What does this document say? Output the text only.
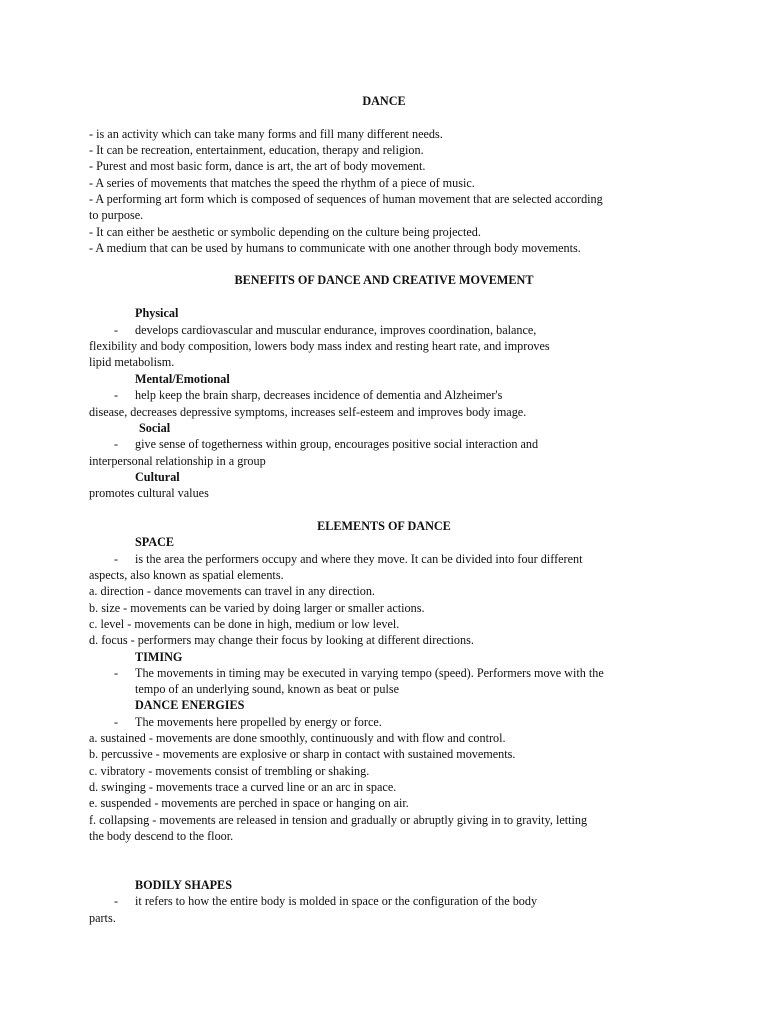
DANCE
- is an activity which can take many forms and fill many different needs.
- It can be recreation, entertainment, education, therapy and religion.
- Purest and most basic form, dance is art, the art of body movement.
- A series of movements that matches the speed the rhythm of a piece of music.
- A performing art form which is composed of sequences of human movement that are selected according
to purpose.
- It can either be aesthetic or symbolic depending on the culture being projected.
- A medium that can be used by humans to communicate with one another through body movements.
BENEFITS OF DANCE AND CREATIVE MOVEMENT
Physical
- develops cardiovascular and muscular endurance, improves coordination, balance,
flexibility and body composition, lowers body mass index and resting heart rate, and improves
lipid metabolism.
Mental/Emotional
- help keep the brain sharp, decreases incidence of dementia and Alzheimer's
disease, decreases depressive symptoms, increases self-esteem and improves body image.
Social
- give sense of togetherness within group, encourages positive social interaction and
interpersonal relationship in a group
Cultural
promotes cultural values
ELEMENTS OF DANCE
SPACE
- is the area the performers occupy and where they move. It can be divided into four different
aspects, also known as spatial elements.
a. direction - dance movements can travel in any direction.
b. size - movements can be varied by doing larger or smaller actions.
c. level - movements can be done in high, medium or low level.
d. focus - performers may change their focus by looking at different directions.
TIMING
- The movements in timing may be executed in varying tempo (speed). Performers move with the
tempo of an underlying sound, known as beat or pulse
DANCE ENERGIES
- The movements here propelled by energy or force.
a. sustained - movements are done smoothly, continuously and with flow and control.
b. percussive - movements are explosive or sharp in contact with sustained movements.
c. vibratory - movements consist of trembling or shaking.
d. swinging - movements trace a curved line or an arc in space.
e. suspended - movements are perched in space or hanging on air.
f. collapsing - movements are released in tension and gradually or abruptly giving in to gravity, letting
the body descend to the floor.
BODILY SHAPES
- it refers to how the entire body is molded in space or the configuration of the body
parts.
